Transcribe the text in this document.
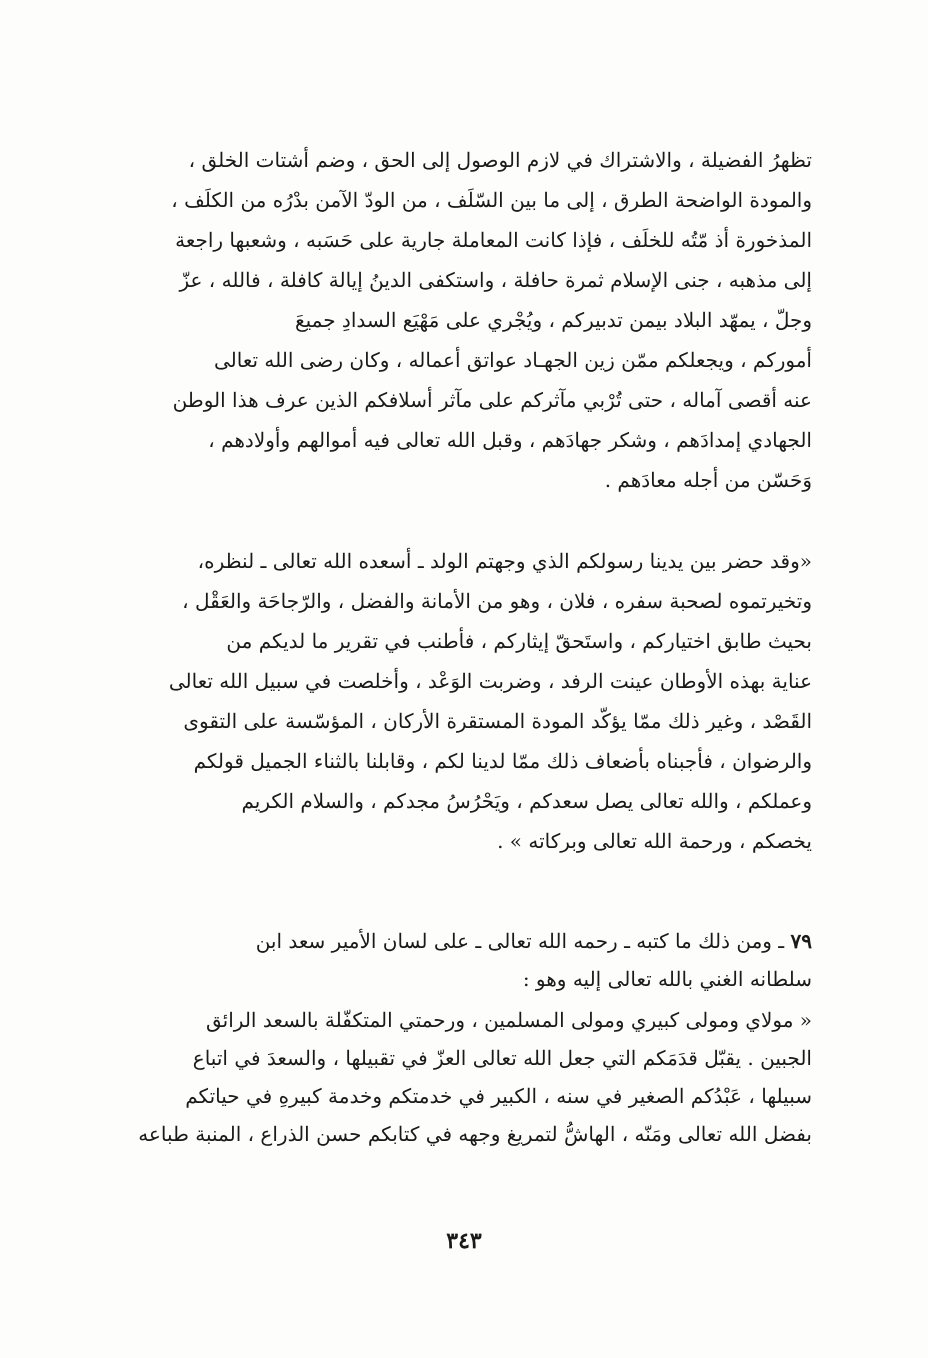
تظهرُ الفضيلة ، والاشتراك في لازم الوصول إلى الحق ، وضم أشتات الخلق ،
والمودة الواضحة الطرق ، إلى ما بين السّلَف ، من الودّ الآمن بدْرُه من الكلَف ،
المذخورة أذ مّتُه للخلَف ، فإذا كانت المعاملة جارية على حَسَبه ، وشعبها راجعة
إلى مذهبه ، جنى الإسلام ثمرة حافلة ، واستكفى الدينُ إيالة كافلة ، فالله ، عزّ
وجلّ ، يمهّد البلاد بيمن تدبيركم ، ويُجْري على مَهْيَع السدادِ جميعَ
أموركم ، ويجعلكم ممّن زين الجهـاد عواتق أعماله ، وكان رضى الله تعالى
عنه أقصى آماله ، حتى تُرْبي مآثركم على مآثر أسلافكم الذين عرف هذا الوطن
الجهادي إمدادَهم ، وشكر جهادَهم ، وقبل الله تعالى فيه أموالهم وأولادهم ،
وَحَسّن من أجله معادَهم .
«وقد حضر بين يدينا رسولكم الذي وجهتم الولد ـ أسعده الله تعالى ـ لنظره،
وتخيرتموه لصحبة سفره ، فلان ، وهو من الأمانة والفضل ، والرّجاحَة والعَقْل ،
بحيث طابق اختياركم ، واستَحقّ إيثاركم ، فأطنب في تقرير ما لديكم من
عناية بهذه الأوطان عينت الرفد ، وضربت الوَعْد ، وأخلصت في سبيل الله تعالى
القَصْد ، وغير ذلك ممّا يؤكّد المودة المستقرة الأركان ، المؤسّسة على التقوى
والرضوان ، فأجبناه بأضعاف ذلك ممّا لدينا لكم ، وقابلنا بالثناء الجميل قولكم
وعملكم ، والله تعالى يصل سعدكم ، ويَحْرُسُ مجدكم ، والسلام الكريم
يخصكم ، ورحمة الله تعالى وبركاته » .
٧٩ ـ ومن ذلك ما كتبه ـ رحمه الله تعالى ـ على لسان الأمير سعد ابن
سلطانه الغني بالله تعالى إليه وهو :
« مولاي ومولى كبيري ومولى المسلمين ، ورحمتي المتكفّلة بالسعد الرائق
الجبين . يقبّل قدَمَكم التي جعل الله تعالى العزّ في تقبيلها ، والسعدَ في اتباع
سبيلها ، عَبْدُكم الصغير في سنه ، الكبير في خدمتكم وخدمة كبيرهِ في حياتكم
بفضل الله تعالى ومَنّه ، الهاشُّ لتمريغ وجهه في كتابكم حسن الذراع ، المنبة طباعه
٣٤٣
